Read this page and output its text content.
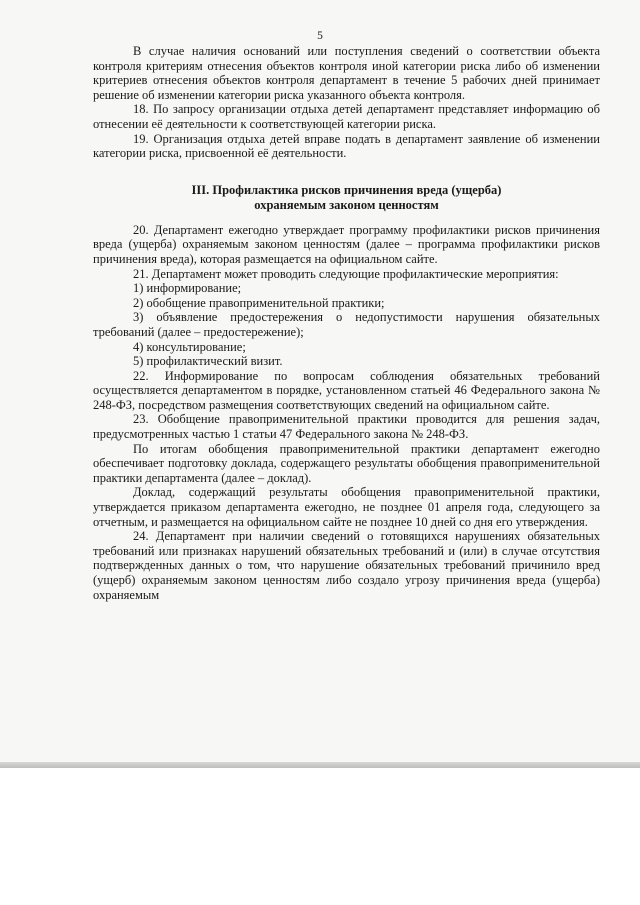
5

В случае наличия оснований или поступления сведений о соответствии объекта контроля критериям отнесения объектов контроля иной категории риска либо об изменении критериев отнесения объектов контроля департамент в течение 5 рабочих дней принимает решение об изменении категории риска указанного объекта контроля.

18. По запросу организации отдыха детей департамент представляет информацию об отнесении её деятельности к соответствующей категории риска.

19. Организация отдыха детей вправе подать в департамент заявление об изменении категории риска, присвоенной её деятельности.

III. Профилактика рисков причинения вреда (ущерба)
охраняемым законом ценностям

20. Департамент ежегодно утверждает программу профилактики рисков причинения вреда (ущерба) охраняемым законом ценностям (далее – программа профилактики рисков причинения вреда), которая размещается на официальном сайте.

21. Департамент может проводить следующие профилактические мероприятия:

1) информирование;

2) обобщение правоприменительной практики;

3) объявление предостережения о недопустимости нарушения обязательных требований (далее – предостережение);

4) консультирование;

5) профилактический визит.

22. Информирование по вопросам соблюдения обязательных требований осуществляется департаментом в порядке, установленном статьей 46 Федерального закона № 248-ФЗ, посредством размещения соответствующих сведений на официальном сайте.

23. Обобщение правоприменительной практики проводится для решения задач, предусмотренных частью 1 статьи 47 Федерального закона № 248-ФЗ.

По итогам обобщения правоприменительной практики департамент ежегодно обеспечивает подготовку доклада, содержащего результаты обобщения правоприменительной практики департамента (далее – доклад).

Доклад, содержащий результаты обобщения правоприменительной практики, утверждается приказом департамента ежегодно, не позднее 01 апреля года, следующего за отчетным, и размещается на официальном сайте не позднее 10 дней со дня его утверждения.

24. Департамент при наличии сведений о готовящихся нарушениях обязательных требований или признаках нарушений обязательных требований и (или) в случае отсутствия подтвержденных данных о том, что нарушение обязательных требований причинило вред (ущерб) охраняемым законом ценностям либо создало угрозу причинения вреда (ущерба) охраняемым
